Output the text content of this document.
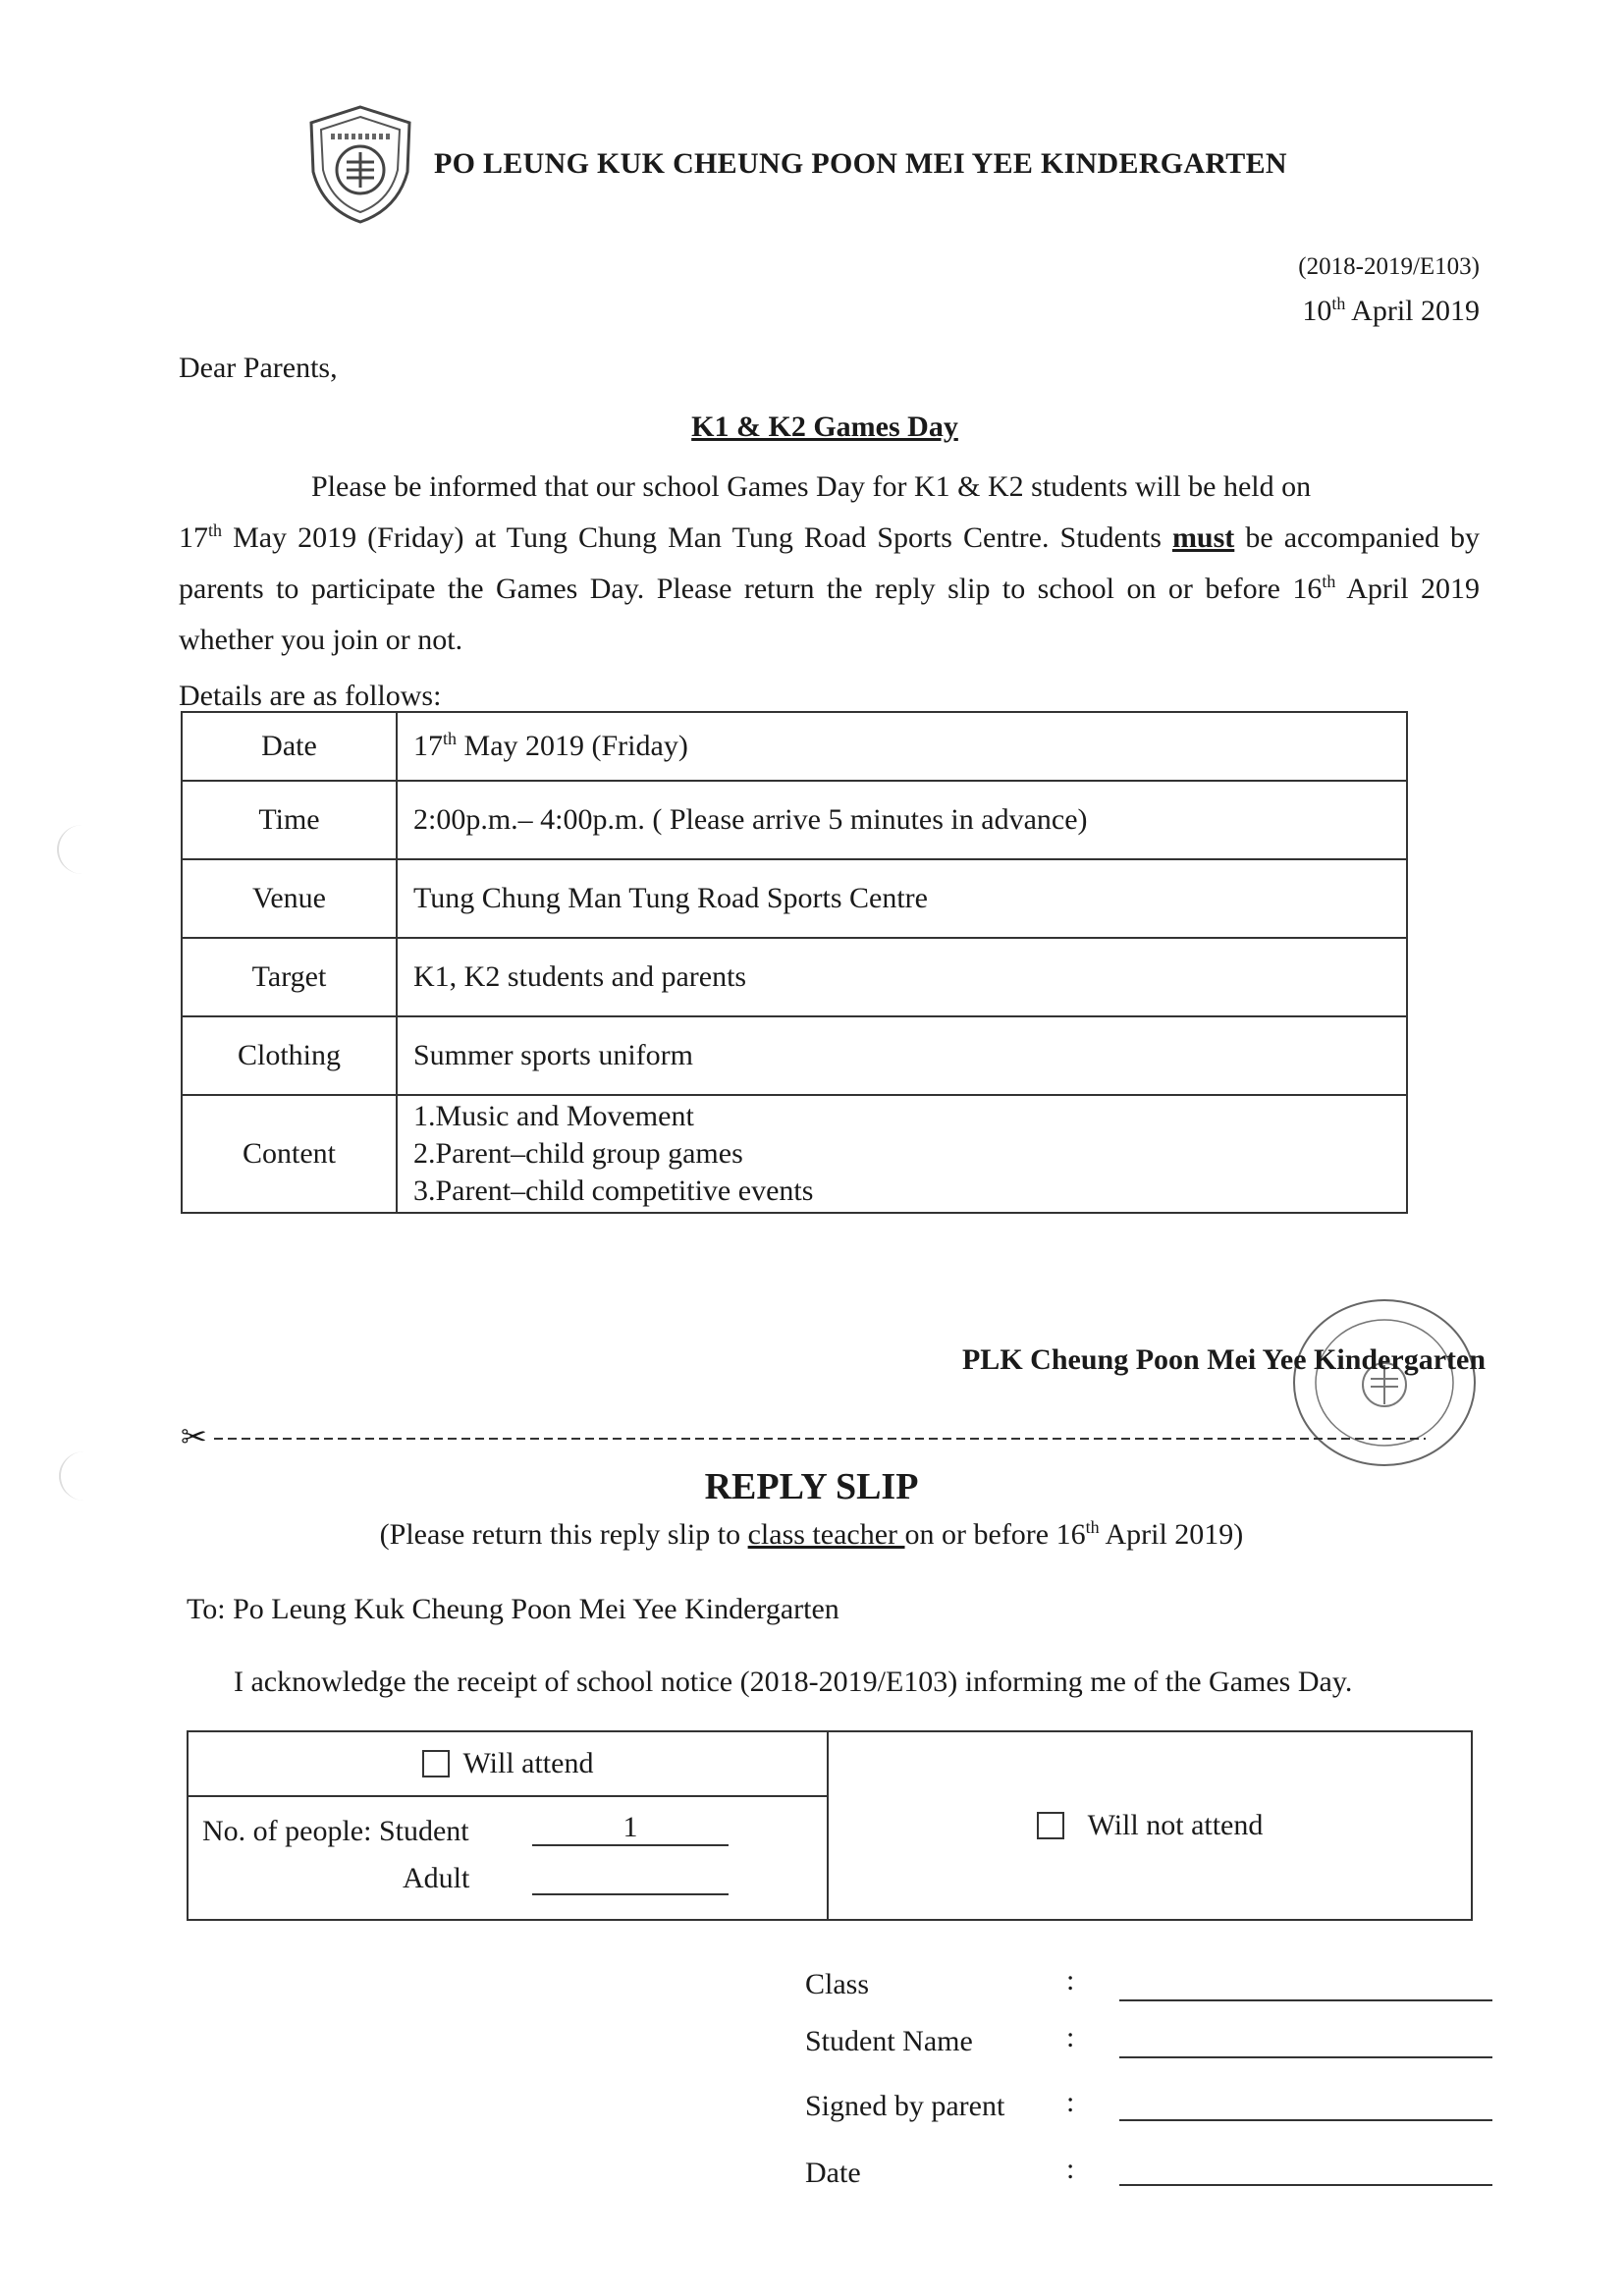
PO LEUNG KUK CHEUNG POON MEI YEE KINDERGARTEN
(2018-2019/E103)
10th April 2019
Dear Parents,
K1 & K2 Games Day

Please be informed that our school Games Day for K1 & K2 students will be held on

17th May 2019 (Friday) at Tung Chung Man Tung Road Sports Centre. Students must be accompanied by parents to participate the Games Day. Please return the reply slip to school on or before 16th April 2019 whether you join or not.

Details are as follows:
Date	17th May 2019 (Friday)
Time	2:00p.m.– 4:00p.m. ( Please arrive 5 minutes in advance)
Venue	Tung Chung Man Tung Road Sports Centre
Target	K1, K2 students and parents
Clothing	Summer sports uniform
Content	1.Music and Movement
2.Parent–child group games
3.Parent–child competitive events
PLK Cheung Poon Mei Yee Kindergarten
✂
REPLY SLIP
(Please return this reply slip to class teacher on or before 16th April 2019)
To: Po Leung Kuk Cheung Poon Mei Yee Kindergarten
I acknowledge the receipt of school notice (2018-2019/E103) informing me of the Games Day.
Will attend
No. of people: Student	1
Adult
Will not attend
Class	:
Student Name	:
Signed by parent :
Date	:
